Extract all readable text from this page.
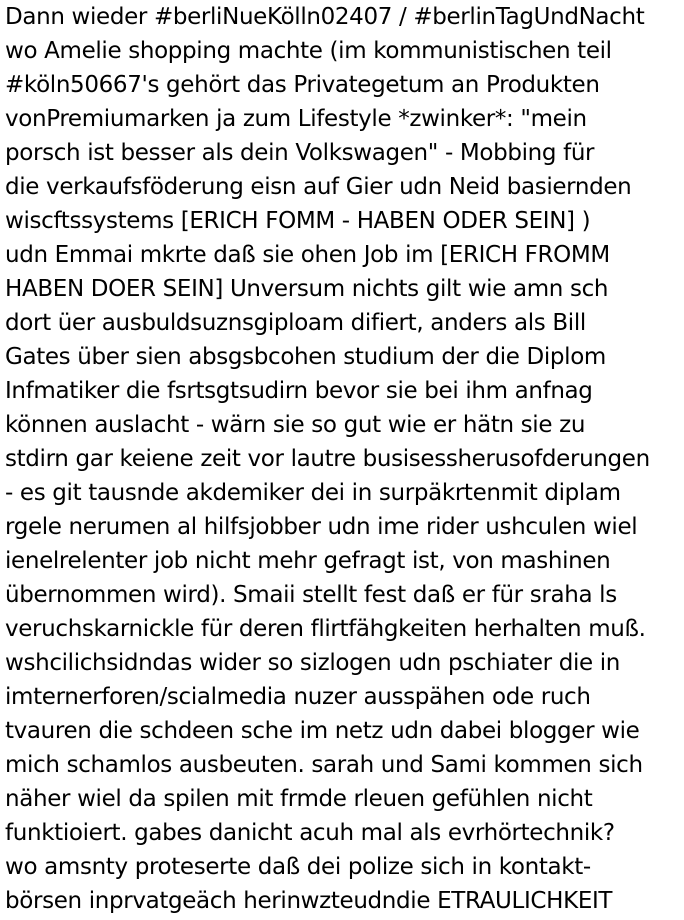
Dann wieder #berliNueKölln02407 / #berlinTagUndNacht
wo Amelie shopping machte (im kommunistischen teil
#köln50667's gehört das Privategetum an Produkten
vonPremiumarken ja zum Lifestyle *zwinker*: "mein
porsch ist besser als dein Volkswagen" - Mobbing für
die verkaufsföderung eisn auf Gier udn Neid basiernden
wiscftssystems [ERICH FOMM - HABEN ODER SEIN] )
udn Emmai mkrte daß sie ohen Job im [ERICH FROMM
HABEN DOER SEIN] Unversum nichts gilt wie amn sch
dort üer ausbuldsuznsgiploam difiert, anders als Bill
Gates über sien absgsbcohen studium der die Diplom
Infmatiker die fsrtsgtsudirn bevor sie bei ihm anfnag
können auslacht - wärn sie so gut wie er hätn sie zu
stdirn gar keiene zeit vor lautre busisessherusofderungen
- es git tausnde akdemiker dei in surpäkrtenmit diplam
rgele nerumen al hilfsjobber udn ime rider ushculen wiel
ienelrelenter job nicht mehr gefragt ist, von mashinen
übernommen wird). Smaii stellt fest daß er für sraha ls
veruchskarnickle für deren flirtfähgkeiten herhalten muß.
wshcilichsidndas wider so sizlogen udn pschiater die in
imternerforen/scialmedia nuzer ausspähen ode ruch
tvauren die schdeen sche im netz udn dabei blogger wie
mich schamlos ausbeuten. sarah und Sami kommen sich
näher wiel da spilen mit frmde rleuen gefühlen nicht
funktioiert. gabes danicht acuh mal als evrhörtechnik?
wo amsnty proteserte daß dei polize sich in kontakt-
börsen inprvatgeäch herinwzteudndie ETRAULICHKEIT
